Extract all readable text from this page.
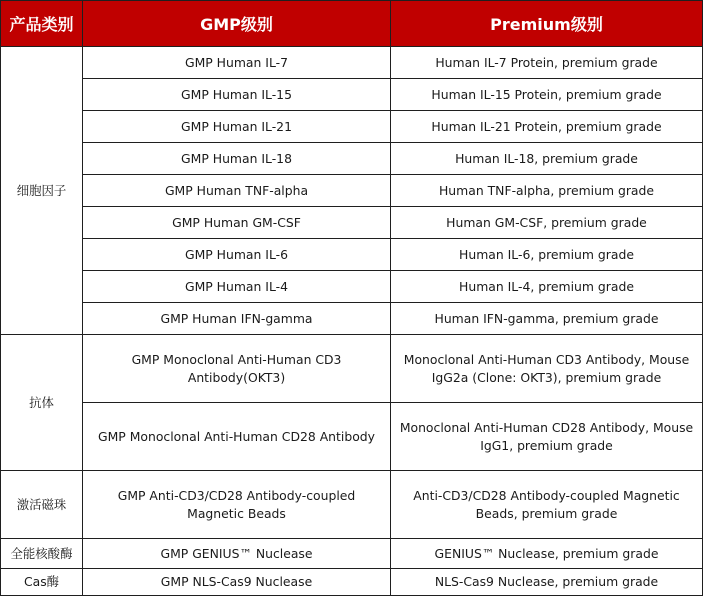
产品类别	GMP级别	Premium级别
细胞因子	GMP Human IL-7	Human IL-7 Protein, premium grade
	GMP Human IL-15	Human IL-15 Protein, premium grade
	GMP Human IL-21	Human IL-21 Protein, premium grade
	GMP Human IL-18	Human IL-18, premium grade
	GMP Human TNF-alpha	Human TNF-alpha, premium grade
	GMP Human GM-CSF	Human GM-CSF, premium grade
	GMP Human IL-6	Human IL-6, premium grade
	GMP Human IL-4	Human IL-4, premium grade
	GMP Human IFN-gamma	Human IFN-gamma, premium grade
抗体	GMP Monoclonal Anti-Human CD3 Antibody(OKT3)	Monoclonal Anti-Human CD3 Antibody, Mouse IgG2a (Clone: OKT3), premium grade
	GMP Monoclonal Anti-Human CD28 Antibody	Monoclonal Anti-Human CD28 Antibody, Mouse IgG1, premium grade
激活磁珠	GMP Anti-CD3/CD28 Antibody-coupled Magnetic Beads	Anti-CD3/CD28 Antibody-coupled Magnetic Beads, premium grade
全能核酸酶	GMP GENIUS™ Nuclease	GENIUS™ Nuclease, premium grade
Cas酶	GMP NLS-Cas9 Nuclease	NLS-Cas9 Nuclease, premium grade
